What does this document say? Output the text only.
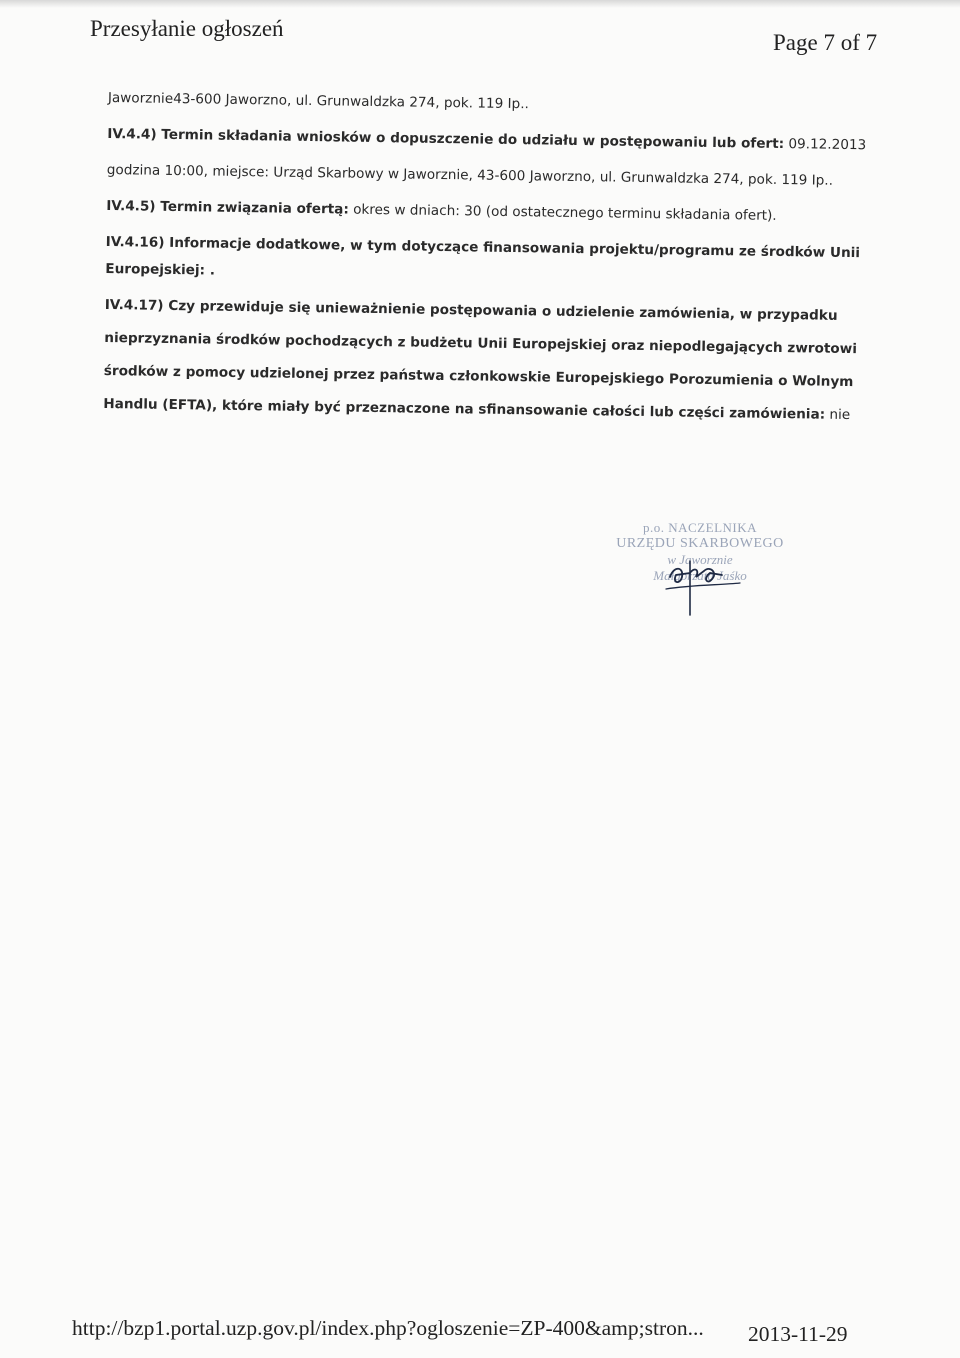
Przesyłanie ogłoszeń
Page 7 of 7
Jaworznie43-600 Jaworzno, ul. Grunwaldzka 274, pok. 119 Ip..
IV.4.4) Termin składania wniosków o dopuszczenie do udziału w postępowaniu lub ofert: 09.12.2013
godzina 10:00, miejsce: Urząd Skarbowy w Jaworznie, 43-600 Jaworzno, ul. Grunwaldzka 274, pok. 119 Ip..
IV.4.5) Termin związania ofertą: okres w dniach: 30 (od ostatecznego terminu składania ofert).
IV.4.16) Informacje dodatkowe, w tym dotyczące finansowania projektu/programu ze środków Unii
Europejskiej: .
IV.4.17) Czy przewiduje się unieważnienie postępowania o udzielenie zamówienia, w przypadku
nieprzyznania środków pochodzących z budżetu Unii Europejskiej oraz niepodlegających zwrotowi
środków z pomocy udzielonej przez państwa członkowskie Europejskiego Porozumienia o Wolnym
Handlu (EFTA), które miały być przeznaczone na sfinansowanie całości lub części zamówienia: nie
p.o. NACZELNIKA
URZĘDU SKARBOWEGO
w Jaworznie
Małgorzata Jaśko
http://bzp1.portal.uzp.gov.pl/index.php?ogloszenie=ZP-400&amp;stron... 2013-11-29
